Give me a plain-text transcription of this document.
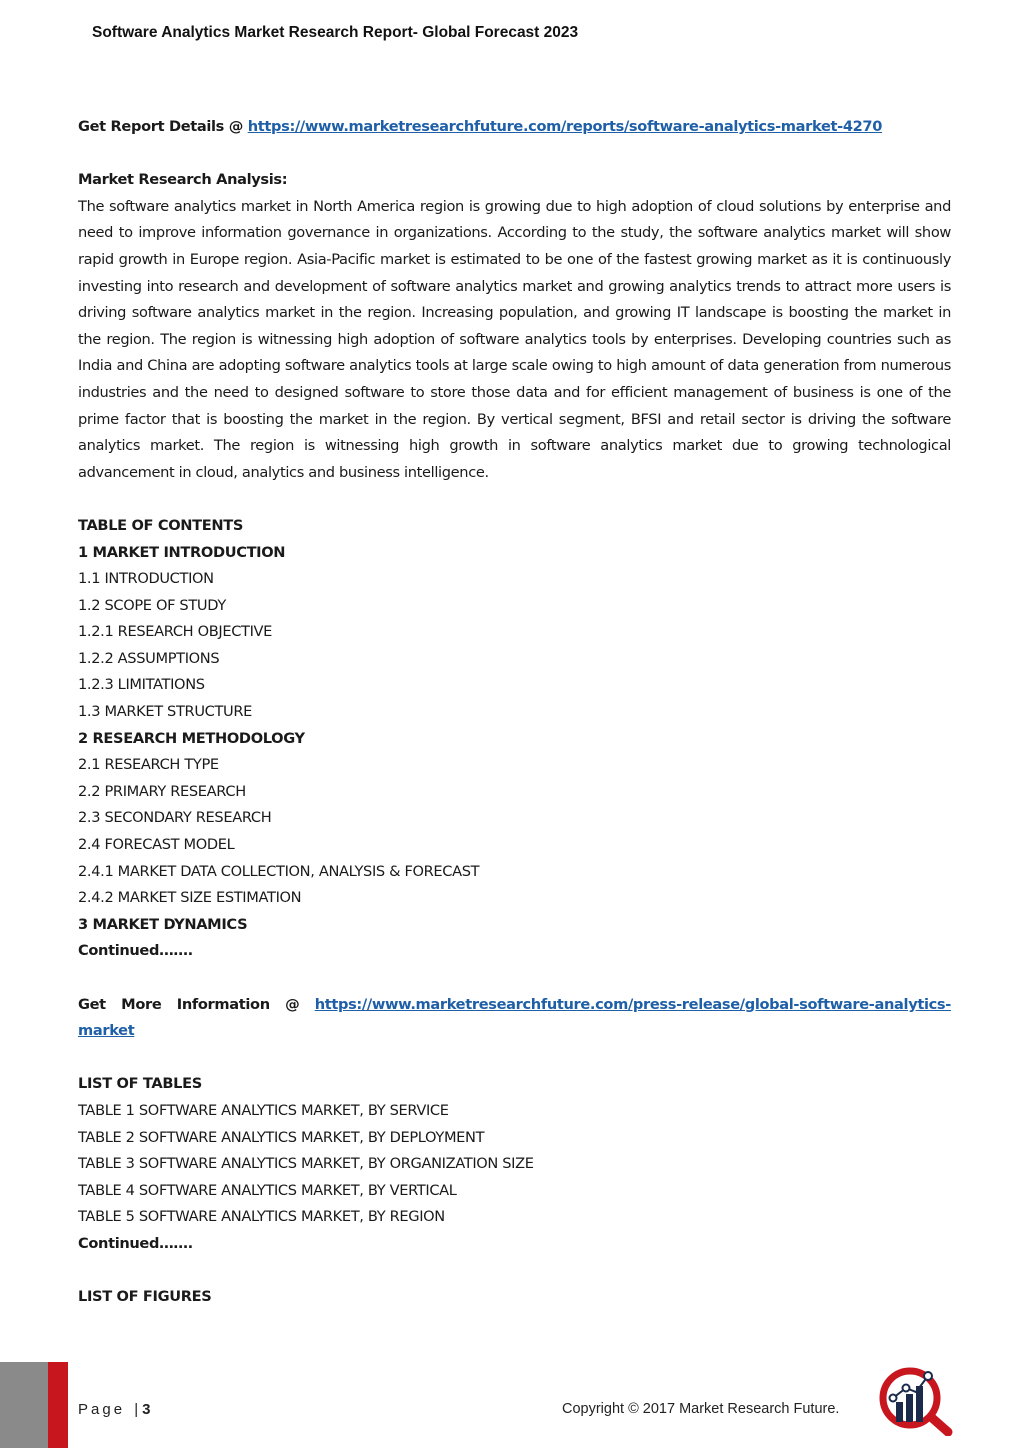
Software Analytics Market Research Report- Global Forecast 2023
Get Report Details @ https://www.marketresearchfuture.com/reports/software-analytics-market-4270
Market Research Analysis:
The software analytics market in North America region is growing due to high adoption of cloud solutions by enterprise and need to improve information governance in organizations. According to the study, the software analytics market will show rapid growth in Europe region. Asia-Pacific market is estimated to be one of the fastest growing market as it is continuously investing into research and development of software analytics market and growing analytics trends to attract more users is driving software analytics market in the region. Increasing population, and growing IT landscape is boosting the market in the region. The region is witnessing high adoption of software analytics tools by enterprises. Developing countries such as India and China are adopting software analytics tools at large scale owing to high amount of data generation from numerous industries and the need to designed software to store those data and for efficient management of business is one of the prime factor that is boosting the market in the region. By vertical segment, BFSI and retail sector is driving the software analytics market. The region is witnessing high growth in software analytics market due to growing technological advancement in cloud, analytics and business intelligence.
TABLE OF CONTENTS
1 MARKET INTRODUCTION
1.1 INTRODUCTION
1.2 SCOPE OF STUDY
1.2.1 RESEARCH OBJECTIVE
1.2.2 ASSUMPTIONS
1.2.3 LIMITATIONS
1.3 MARKET STRUCTURE
2 RESEARCH METHODOLOGY
2.1 RESEARCH TYPE
2.2 PRIMARY RESEARCH
2.3 SECONDARY RESEARCH
2.4 FORECAST MODEL
2.4.1 MARKET DATA COLLECTION, ANALYSIS & FORECAST
2.4.2 MARKET SIZE ESTIMATION
3 MARKET DYNAMICS
Continued…….
Get More Information @ https://www.marketresearchfuture.com/press-release/global-software-analytics-
market
LIST OF TABLES
TABLE 1 SOFTWARE ANALYTICS MARKET, BY SERVICE
TABLE 2 SOFTWARE ANALYTICS MARKET, BY DEPLOYMENT
TABLE 3 SOFTWARE ANALYTICS MARKET, BY ORGANIZATION SIZE
TABLE 4 SOFTWARE ANALYTICS MARKET, BY VERTICAL
TABLE 5 SOFTWARE ANALYTICS MARKET, BY REGION
Continued…….
LIST OF FIGURES
Page | 3	Copyright © 2017 Market Research Future.
